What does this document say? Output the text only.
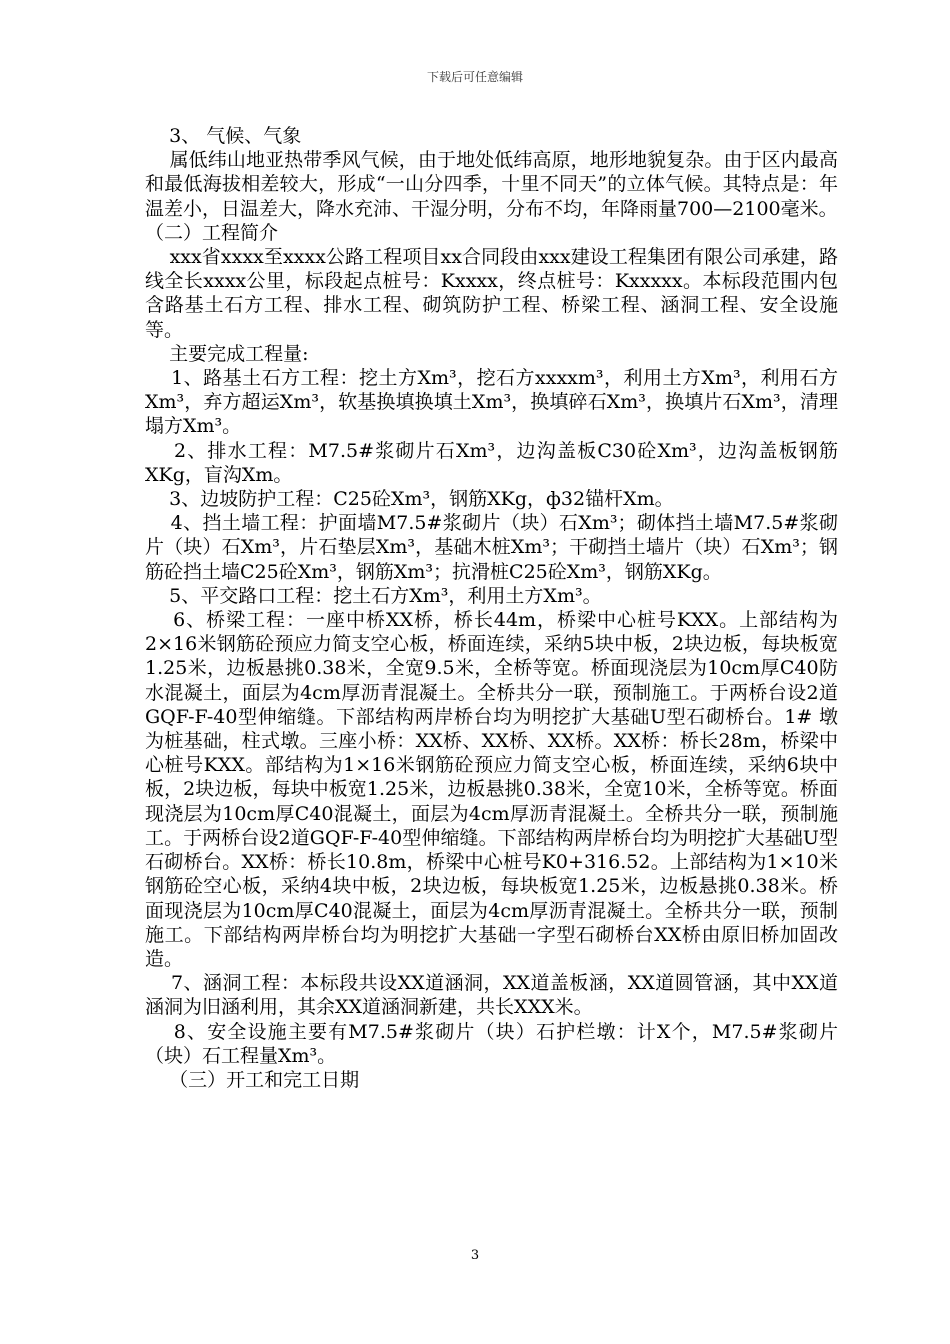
下载后可任意编辑

3、 气候、气象

属低纬山地亚热带季风气候，由于地处低纬高原，地形地貌复杂。由于区内最高和最低海拔相差较大，形成“一山分四季，十里不同天”的立体气候。其特点是：年温差小，日温差大，降水充沛、干湿分明，分布不均，年降雨量700—2100毫米。

（二）工程简介

xxx省xxxx至xxxx公路工程项目xx合同段由xxx建设工程集团有限公司承建，路线全长xxxx公里，标段起点桩号：Kxxxx，终点桩号：Kxxxxx。本标段范围内包含路基土石方工程、排水工程、砌筑防护工程、桥梁工程、涵洞工程、安全设施等。

主要完成工程量:

1、路基土石方工程：挖土方Xm³，挖石方xxxxm³，利用土方Xm³，利用石方Xm³，弃方超运Xm³，软基换填换填土Xm³，换填碎石Xm³，换填片石Xm³，清理塌方Xm³。

2、排水工程：M7.5#浆砌片石Xm³，边沟盖板C30砼Xm³，边沟盖板钢筋XKg，盲沟Xm。

3、边坡防护工程：C25砼Xm³，钢筋XKg，ф32锚杆Xm。

4、挡土墙工程：护面墙M7.5#浆砌片（块）石Xm³；砌体挡土墙M7.5#浆砌片（块）石Xm³，片石垫层Xm³，基础木桩Xm³；干砌挡土墙片（块）石Xm³；钢筋砼挡土墙C25砼Xm³，钢筋Xm³；抗滑桩C25砼Xm³，钢筋XKg。

5、平交路口工程：挖土石方Xm³，利用土方Xm³。

6、桥梁工程：一座中桥XX桥，桥长44m，桥梁中心桩号KXX。上部结构为2×16米钢筋砼预应力简支空心板，桥面连续，采纳5块中板，2块边板，每块板宽1.25米，边板悬挑0.38米，全宽9.5米，全桥等宽。桥面现浇层为10cm厚C40防水混凝土，面层为4cm厚沥青混凝土。全桥共分一联，预制施工。于两桥台设2道GQF-F-40型伸缩缝。下部结构两岸桥台均为明挖扩大基础U型石砌桥台。1# 墩为桩基础，柱式墩。三座小桥：XX桥、XX桥、XX桥。XX桥：桥长28m，桥梁中心桩号KXX。部结构为1×16米钢筋砼预应力简支空心板，桥面连续，采纳6块中板，2块边板，每块中板宽1.25米，边板悬挑0.38米，全宽10米，全桥等宽。桥面现浇层为10cm厚C40混凝土，面层为4cm厚沥青混凝土。全桥共分一联，预制施工。于两桥台设2道GQF-F-40型伸缩缝。下部结构两岸桥台均为明挖扩大基础U型石砌桥台。XX桥：桥长10.8m，桥梁中心桩号K0+316.52。上部结构为1×10米钢筋砼空心板，采纳4块中板，2块边板，每块板宽1.25米，边板悬挑0.38米。桥面现浇层为10cm厚C40混凝土，面层为4cm厚沥青混凝土。全桥共分一联，预制施工。下部结构两岸桥台均为明挖扩大基础一字型石砌桥台XX桥由原旧桥加固改造。

7、涵洞工程：本标段共设XX道涵洞，XX道盖板涵，XX道圆管涵，其中XX道涵洞为旧涵利用，其余XX道涵洞新建，共长XXX米。

8、安全设施主要有M7.5#浆砌片（块）石护栏墩：计X个，M7.5#浆砌片（块）石工程量Xm³。

（三）开工和完工日期

3
